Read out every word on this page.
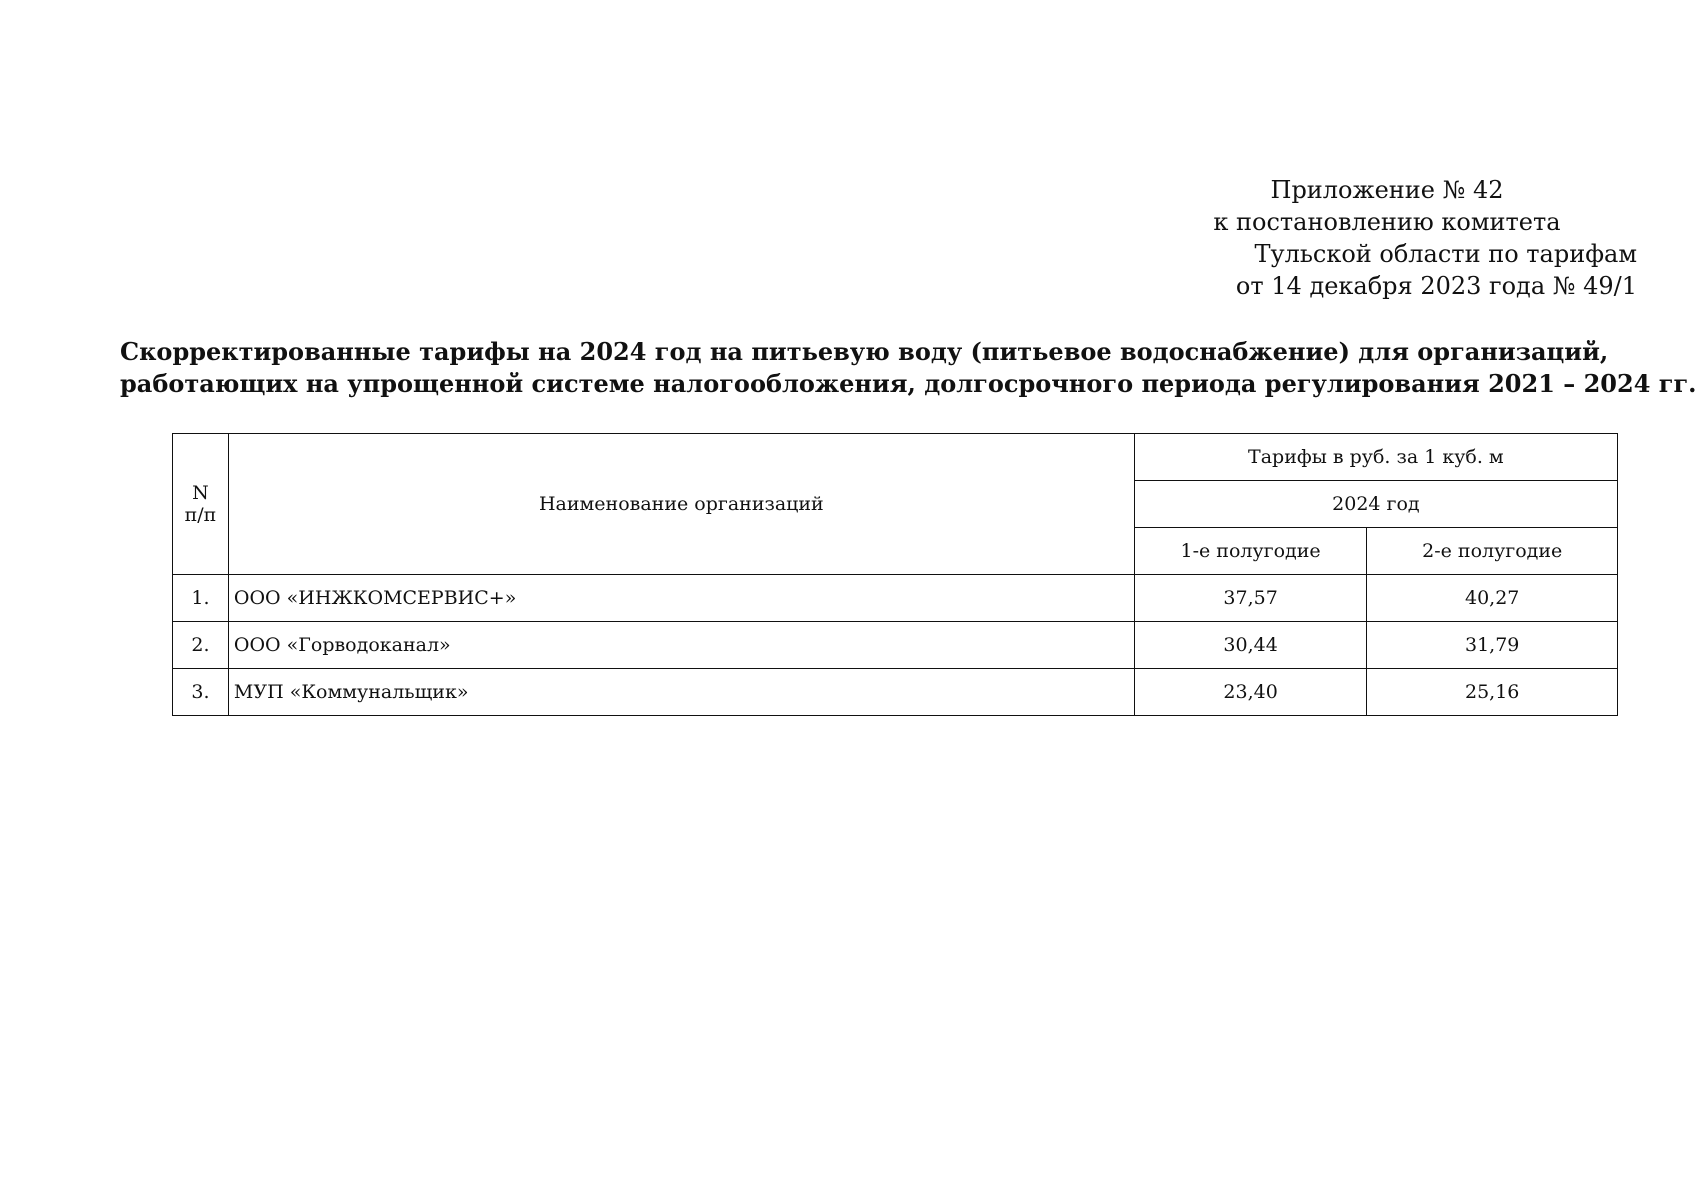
Приложение № 42
к постановлению комитета
Тульской области по тарифам
от 14 декабря 2023 года № 49/1
Скорректированные тарифы на 2024 год на питьевую воду (питьевое водоснабжение) для организаций,
работающих на упрощенной системе налогообложения, долгосрочного периода регулирования 2021 – 2024 гг.
N
п/п	Наименование организаций	Тарифы в руб. за 1 куб. м	
		2024 год	
		1-е полугодие	2-е полугодие
1.	ООО «ИНЖКОМСЕРВИС+»	37,57	40,27
2.	ООО «Горводоканал»	30,44	31,79
3.	МУП «Коммунальщик»	23,40	25,16
